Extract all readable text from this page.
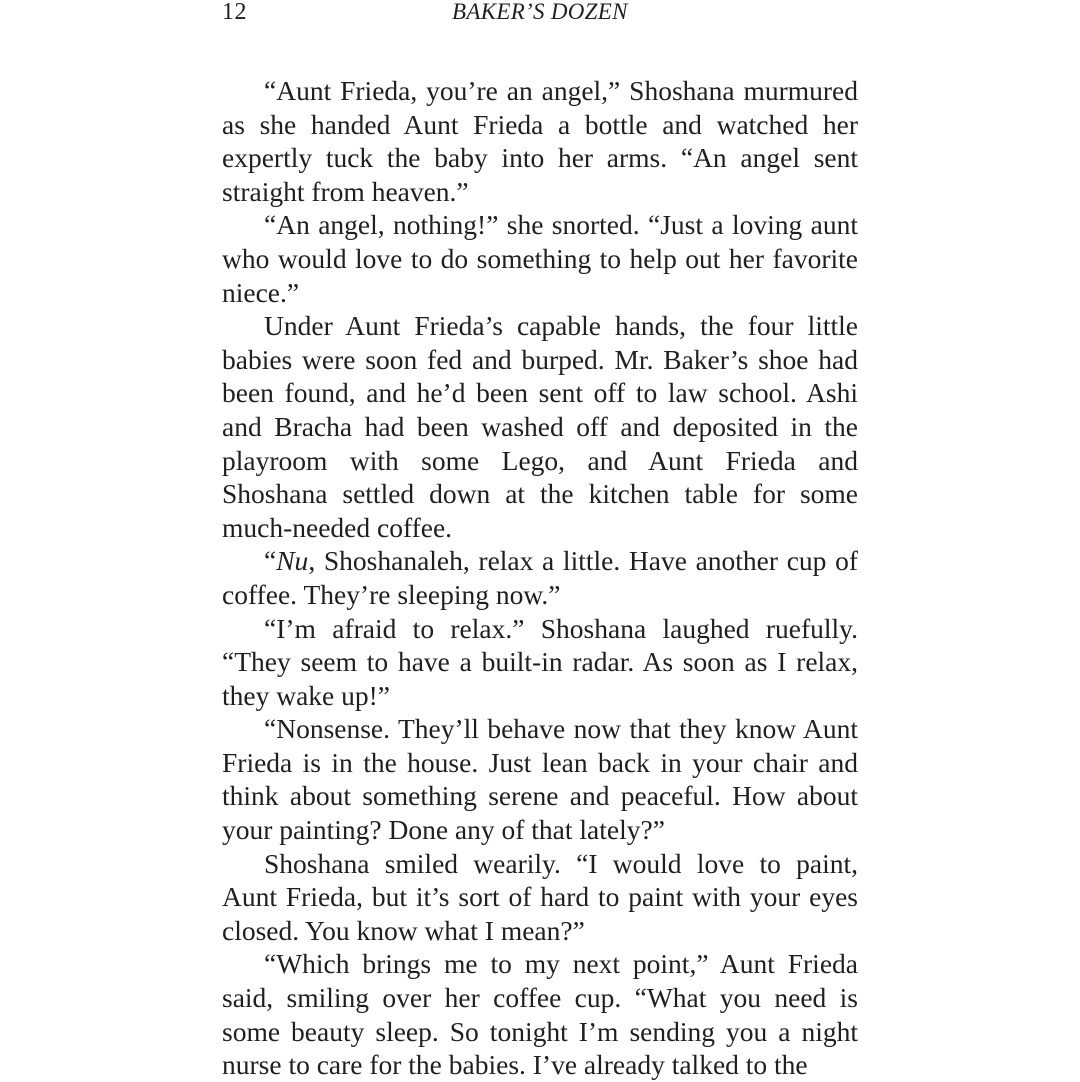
12	BAKER’S DOZEN

“Aunt Frieda, you’re an angel,” Shoshana murmured as she handed Aunt Frieda a bottle and watched her expertly tuck the baby into her arms. “An angel sent straight from heaven.”

“An angel, nothing!” she snorted. “Just a loving aunt who would love to do something to help out her favorite niece.”

Under Aunt Frieda’s capable hands, the four little babies were soon fed and burped. Mr. Baker’s shoe had been found, and he’d been sent off to law school. Ashi and Bracha had been washed off and deposited in the playroom with some Lego, and Aunt Frieda and Shoshana settled down at the kitchen table for some much-needed coffee.

“Nu, Shoshanaleh, relax a little. Have another cup of coffee. They’re sleeping now.”

“I’m afraid to relax.” Shoshana laughed ruefully. “They seem to have a built-in radar. As soon as I relax, they wake up!”

“Nonsense. They’ll behave now that they know Aunt Frieda is in the house. Just lean back in your chair and think about something serene and peaceful. How about your painting? Done any of that lately?”

Shoshana smiled wearily. “I would love to paint, Aunt Frieda, but it’s sort of hard to paint with your eyes closed. You know what I mean?”

“Which brings me to my next point,” Aunt Frieda said, smiling over her coffee cup. “What you need is some beauty sleep. So tonight I’m sending you a night nurse to care for the babies. I’ve already talked to the
